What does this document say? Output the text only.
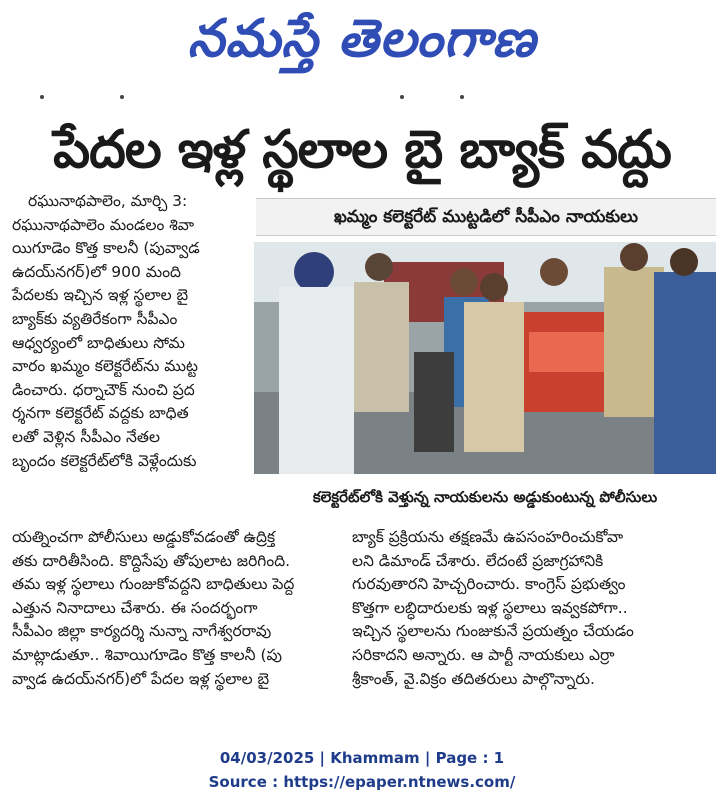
నమస్తే తెలంగాణ
పేదల ఇళ్ల స్థలాల బై బ్యాక్ వద్దు

రఘునాథపాలెం, మార్చి 3:

రఘునాథపాలెం మండలం శివా

యిగూడెం కొత్త కాలనీ (పువ్వాడ

ఉదయ్‌నగర్)లో 900 మంది

పేదలకు ఇచ్చిన ఇళ్ల స్థలాల బై

బ్యాక్‌కు వ్యతిరేకంగా సీపీఎం

ఆధ్వర్యంలో బాధితులు సోమ

వారం ఖమ్మం కలెక్టరేట్‌ను ముట్ట

డించారు. ధర్నాచౌక్ నుంచి ప్రద

ర్శనగా కలెక్టరేట్ వద్దకు బాధిత

లతో వెళ్లిన సీపీఎం నేతల

బృందం కలెక్టరేట్‌లోకి వెళ్లేందుకు

ఖమ్మం కలెక్టరేట్ ముట్టడిలో సీపీఎం నాయకులు
కలెక్టరేట్‌లోకి వెళ్తున్న నాయకులను అడ్డుకుంటున్న పోలీసులు

యత్నించగా పోలీసులు అడ్డుకోవడంతో ఉద్రిక్త

తకు దారితీసింది. కొద్దిసేపు తోపులాట జరిగింది.

తమ ఇళ్ల స్థలాలు గుంజుకోవద్దని బాధితులు పెద్ద

ఎత్తున నినాదాలు చేశారు. ఈ సందర్భంగా

సీపీఎం జిల్లా కార్యదర్శి నున్నా నాగేశ్వరరావు

మాట్లాడుతూ.. శివాయిగూడెం కొత్త కాలనీ (పు

వ్వాడ ఉదయ్‌నగర్)లో పేదల ఇళ్ల స్థలాల బై

బ్యాక్ ప్రక్రియను తక్షణమే ఉపసంహరించుకోవా

లని డిమాండ్ చేశారు. లేదంటే ప్రజాగ్రహానికి

గురవుతారని హెచ్చరించారు. కాంగ్రెస్ ప్రభుత్వం

కొత్తగా లబ్ధిదారులకు ఇళ్ల స్థలాలు ఇవ్వకపోగా..

ఇచ్చిన స్థలాలను గుంజుకునే ప్రయత్నం చేయడం

సరికాదని అన్నారు. ఆ పార్టీ నాయకులు ఎర్రా

శ్రీకాంత్, వై.విక్రం తదితరులు పాల్గొన్నారు.

04/03/2025 | Khammam | Page : 1
Source : https://epaper.ntnews.com/
